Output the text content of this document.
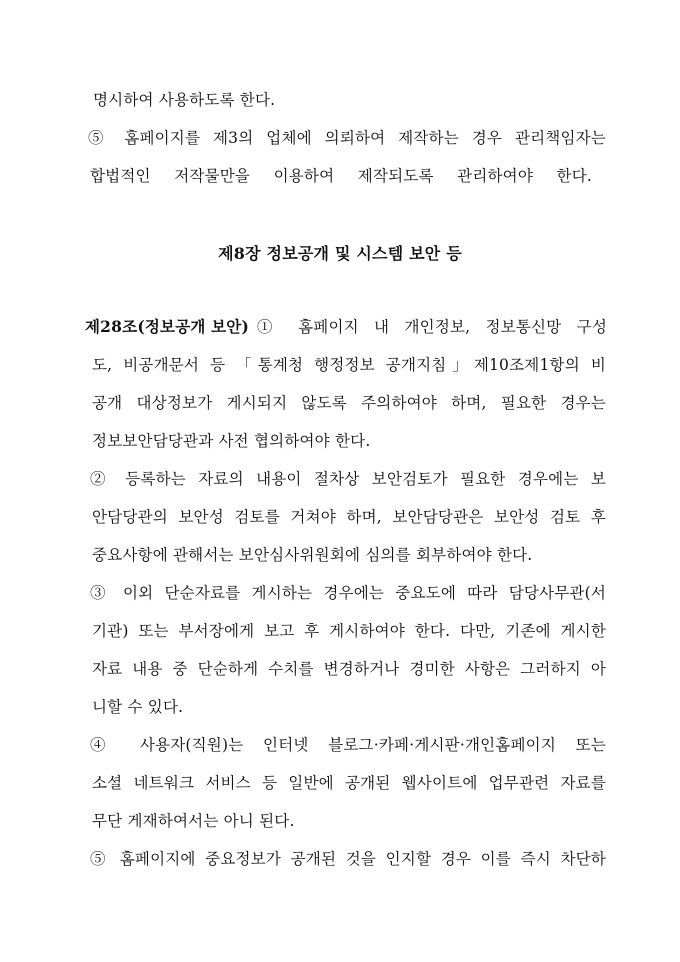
명시하여 사용하도록 한다.
⑤ 홈페이지를 제3의 업체에 의뢰하여 제작하는 경우 관리책임자는
합법적인 저작물만을 이용하여 제작되도록 관리하여야 한다.
제8장 정보공개 및 시스템 보안 등
제28조(정보공개 보안) ① 홈페이지 내 개인정보, 정보통신망 구성
도, 비공개문서 등 「통계청 행정정보 공개지침」제10조제1항의 비
공개 대상정보가 게시되지 않도록 주의하여야 하며, 필요한 경우는
정보보안담당관과 사전 협의하여야 한다.
② 등록하는 자료의 내용이 절차상 보안검토가 필요한 경우에는 보
안담당관의 보안성 검토를 거쳐야 하며, 보안담당관은 보안성 검토 후
중요사항에 관해서는 보안심사위원회에 심의를 회부하여야 한다.
③ 이외 단순자료를 게시하는 경우에는 중요도에 따라 담당사무관(서
기관) 또는 부서장에게 보고 후 게시하여야 한다. 다만, 기존에 게시한
자료 내용 중 단순하게 수치를 변경하거나 경미한 사항은 그러하지 아
니할 수 있다.
④ 사용자(직원)는 인터넷 블로그·카페·게시판·개인홈페이지 또는
소셜 네트워크 서비스 등 일반에 공개된 웹사이트에 업무관련 자료를
무단 게재하여서는 아니 된다.
⑤ 홈페이지에 중요정보가 공개된 것을 인지할 경우 이를 즉시 차단하
